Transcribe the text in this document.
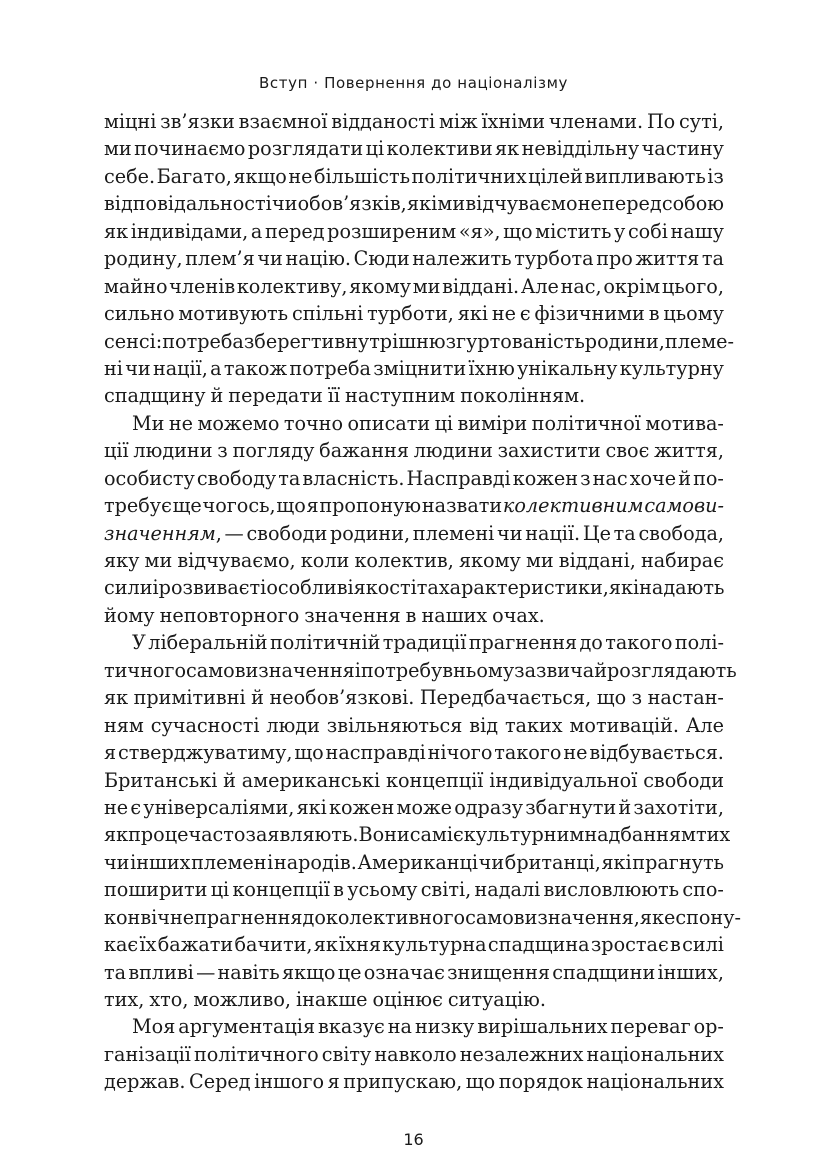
Вступ · Повернення до націоналізму
міцні зв’язки взаємної відданості між їхніми членами. По суті,
ми починаємо розглядати ці колективи як невіддільну частину
себе. Багато, якщо не більшість політичних цілей випливають із
відповідальності чи обов’язків, які ми відчуваємо не перед собою
як індивідами, а перед розширеним «я», що містить у собі нашу
родину, плем’я чи націю. Сюди належить турбота про життя та
майно членів колективу, якому ми віддані. Але нас, окрім цього,
сильно мотивують спільні турботи, які не є фізичними в цьому
сенсі: потреба зберегти внутрішню згуртованість родини, племе-
ні чи нації, а також потреба зміцнити їхню унікальну культурну
спадщину й передати її наступним поколінням.
Ми не можемо точно описати ці виміри політичної мотива-
ції людини з погляду бажання людини захистити своє життя,
особисту свободу та власність. Насправді кожен з нас хоче й по-
требує ще чогось, що я пропоную назвати колективним самови-
значенням, — свободи родини, племені чи нації. Це та свобода,
яку ми відчуваємо, коли колектив, якому ми віддані, набирає
сили і розвиває ті особливі якості та характеристики, які надають
йому неповторного значення в наших очах.
У ліберальній політичній традиції прагнення до такого полі-
тичного самовизначення і потребу в ньому зазвичай розглядають
як примітивні й необов’язкові. Передбачається, що з настан-
ням сучасності люди звільняються від таких мотивацій. Але
я стверджуватиму, що насправді нічого такого не відбувається.
Британські й американські концепції індивідуальної свободи
не є універсаліями, які кожен може одразу збагнути й захотіти,
як про це часто заявляють. Вони самі є культурним надбанням тих
чи інших племен і народів. Американці чи британці, які прагнуть
поширити ці концепції в усьому світі, надалі висловлюють спо-
конвічне прагнення до колективного самовизначення, яке спону-
кає їх бажати бачити, як їхня культурна спадщина зростає в силі
та впливі — навіть якщо це означає знищення спадщини інших,
тих, хто, можливо, інакше оцінює ситуацію.
Моя аргументація вказує на низку вирішальних переваг ор-
ганізації політичного світу навколо незалежних національних
держав. Серед іншого я припускаю, що порядок національних
16
